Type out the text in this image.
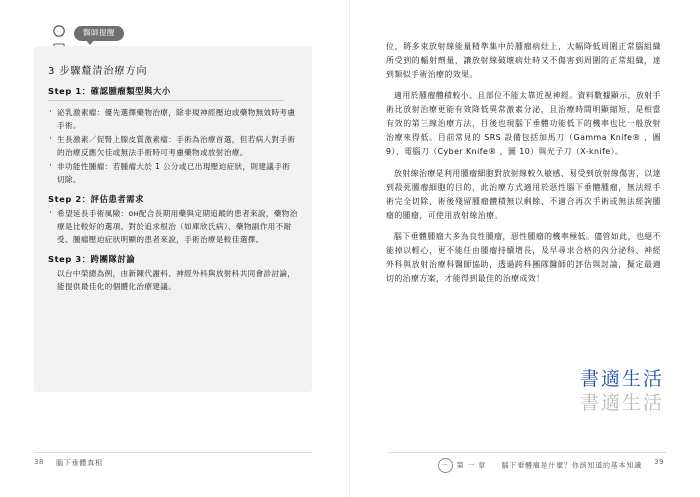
醫師提醒
3 步驟釐清治療方向
Step 1：確認腫瘤類型與大小
‧ 泌乳激素瘤：優先選擇藥物治療，除非規神經壓迫或藥物無效時考慮手術。
‧ 生長激素／促腎上腺皮質激素瘤：手術為治療首選，但若病人對手術的治療反應欠佳或無法手術時可考慮藥物或放射治療。
‧ 非功能性腫瘤：若腫瘤大於 1 公分或已出現壓迫症狀，則建議手術切除。
Step 2：評估患者需求
‧ 希望延長手術風險：он配合長期用藥與定期追蹤的患者來說，藥物治療是比較好的選項。對於追求根治（如庫欣氏病）、藥物副作用不耐受、腫瘤壓迫症狀明顯的患者來說，手術治療是較佳選擇。
Step 3：跨團隊討論

以台中榮總為例，由新陳代謝科、神經外科與放射科共同會診討論，能提供最佳化的個體化治療建議。

38 腦下垂體真相

位，將多束放射線能量精準集中於腫瘤病灶上，大幅降低周圍正常腦組織所受到的輻射劑量，讓放射線破壞病灶時又不傷害到周圍的正常組織，達到類似手術治療的效果。

適用於腫瘤體積較小、且部位不能太靠近視神經。資料數據顯示，放射手術比放射治療更能有效降低異常激素分泌，且治療時間明顯縮短，是相當有效的第三線治療方法，目後也現腦下垂體功能低下的機率也比一般放射治療來得低。目前常見的 SRS 設備包括加馬刀（Gamma Knife® ，圖 9）、電腦刀（Cyber Knife® ，圖 10）與光子刀（X-knife）。

放射線治療是利用腫瘤細胞對放射線較久敏感、易受到放射線傷害，以達到殺死腫瘤細胞的目的，此治療方式適用於惡性腦下垂體腫瘤，無法經手術完全切除、術後殘留腫瘤體積無以剩餘、不適合再次手術或無法經詢腫瘤的腫瘤，可使用放射線治療。

腦下垂體腫瘤大多為良性腫瘤，惡性腫瘤的機率極低。儘管如此，也絕不能掉以輕心，更不能任由腫瘤持續增長，及早尋求合格的內分泌科、神經外科與放射治療科醫師協助，透過跨科團隊醫師的評估與討論，擬定最適切的治療方案，才能得到最佳的治療成效！

書適生活
書適生活
一 第 一 章　　腦下垂體瘤是什麼？你該知道的基本知識 39
